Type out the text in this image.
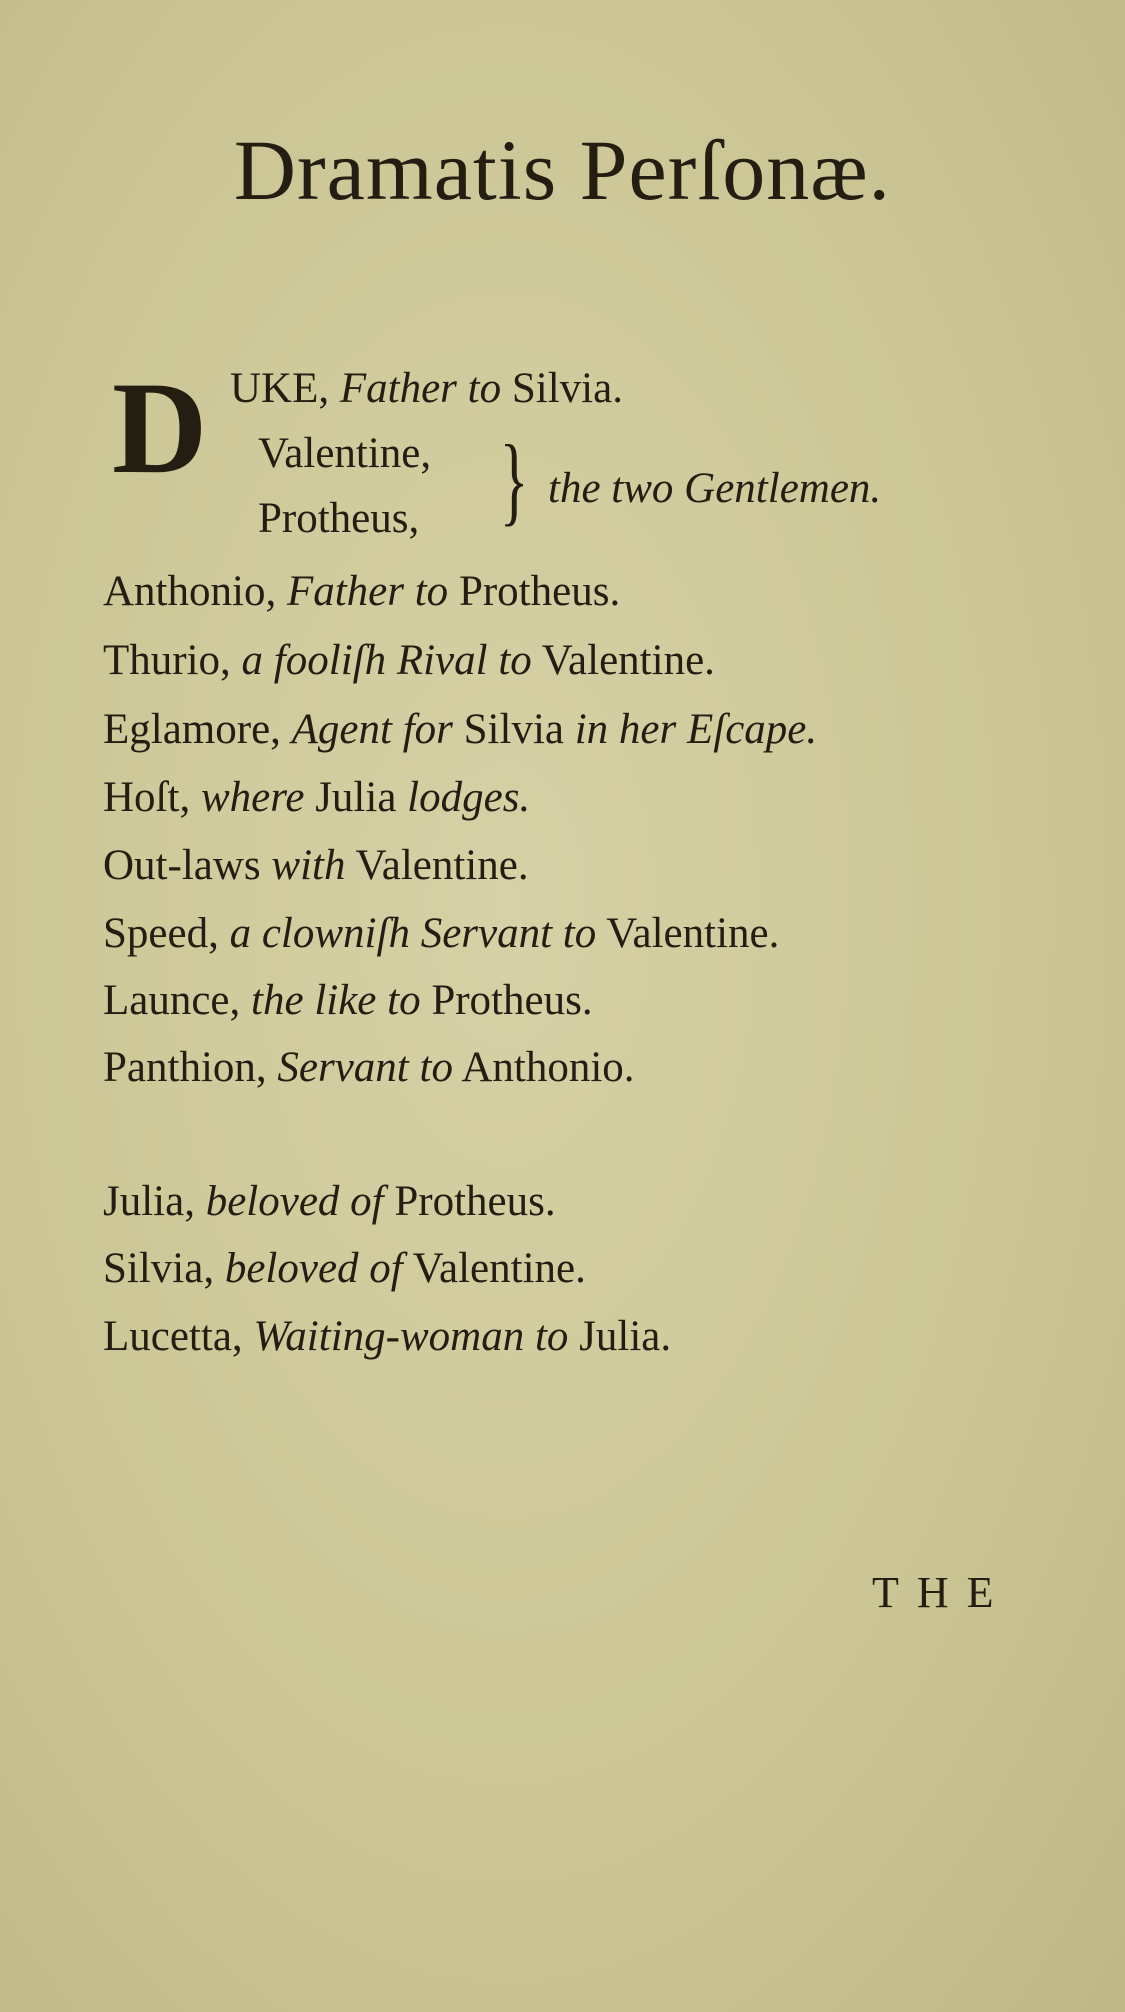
Dramatis Perſonæ.
D UKE, Father to Silvia.
Valentine,
Protheus, } the two Gentlemen.
Anthonio, Father to Protheus.
Thurio, a fooliſh Rival to Valentine.
Eglamore, Agent for Silvia in her Eſcape.
Hoſt, where Julia lodges.
Out-laws with Valentine.
Speed, a clowniſh Servant to Valentine.
Launce, the like to Protheus.
Panthion, Servant to Anthonio.
Julia, beloved of Protheus.
Silvia, beloved of Valentine.
Lucetta, Waiting-woman to Julia.
THE
